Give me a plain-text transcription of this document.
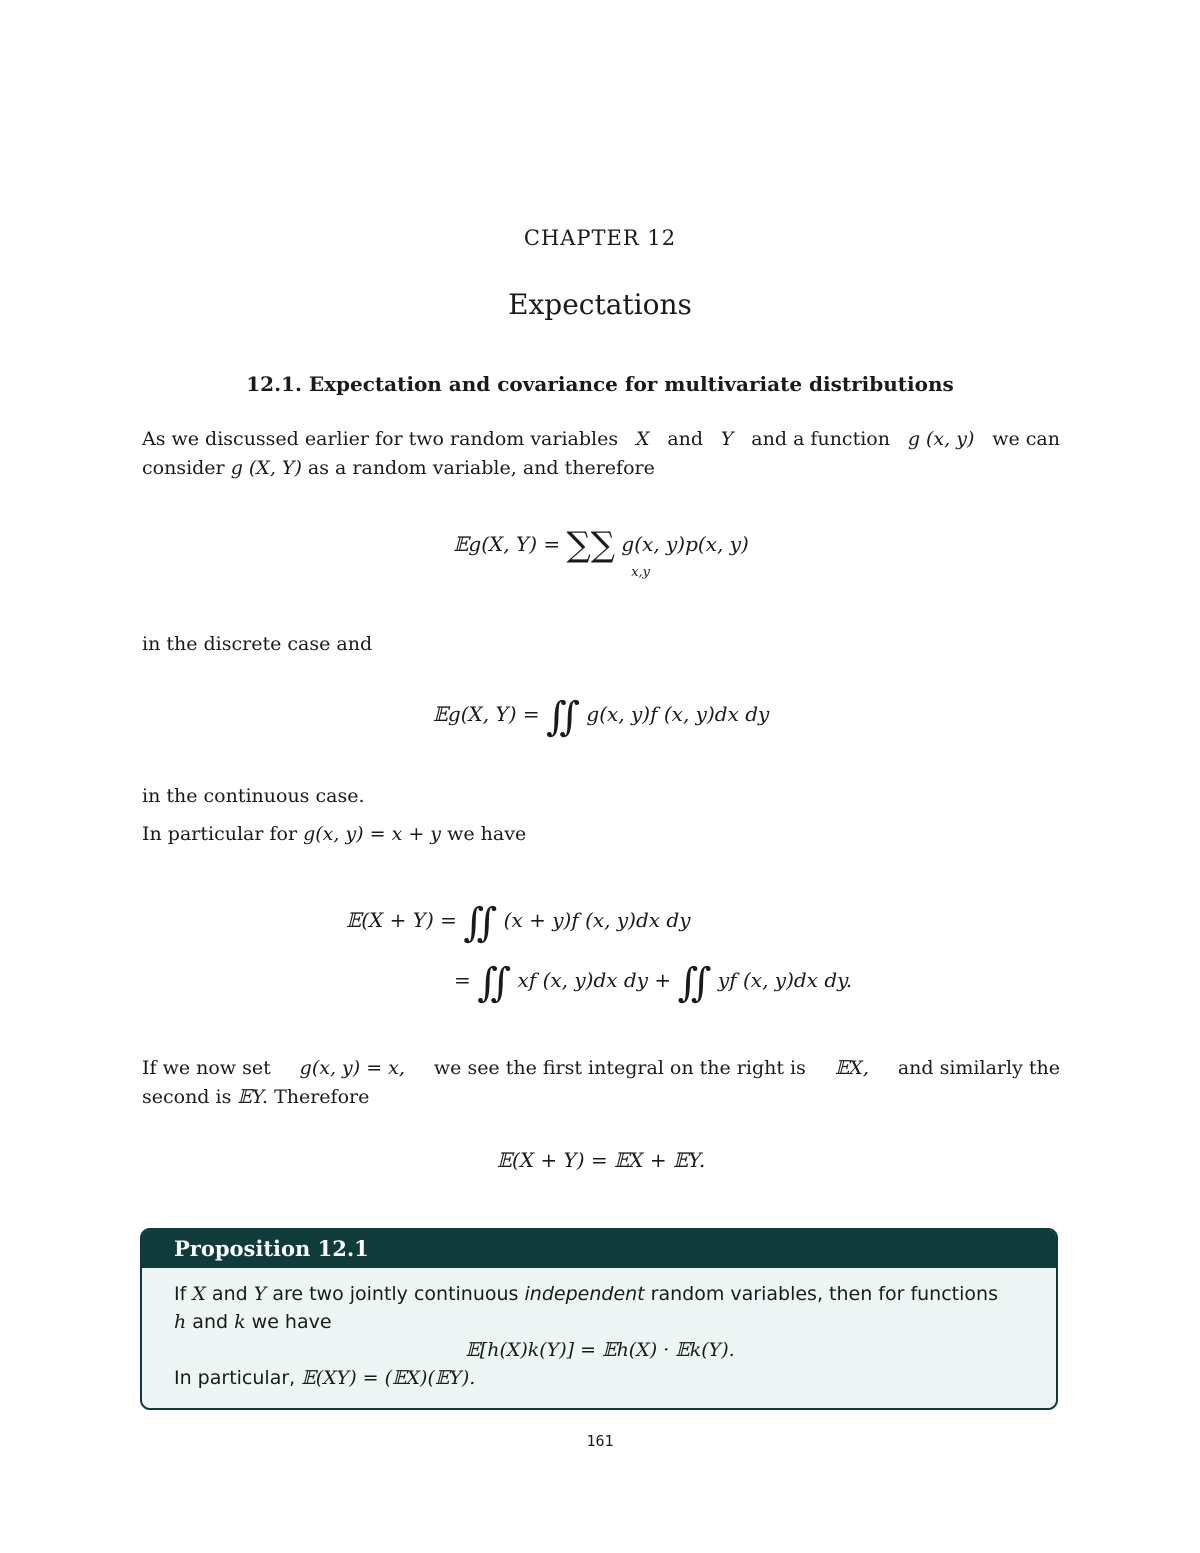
CHAPTER 12
Expectations
12.1. Expectation and covariance for multivariate distributions
As we discussed earlier for two random variables X and Y and a function g (x, y) we can
consider g (X, Y) as a random variable, and therefore
𝔼g(X, Y) = ∑∑ g(x, y)p(x, y)
x,y
in the discrete case and
𝔼g(X, Y) = ∬ g(x, y)f (x, y)dx dy
in the continuous case.
In particular for g(x, y) = x + y we have
𝔼(X + Y) = ∬ (x + y)f (x, y)dx dy
= ∬ xf (x, y)dx dy + ∬ yf (x, y)dx dy.
If we now set g(x, y) = x, we see the first integral on the right is 𝔼X, and similarly the
second is 𝔼Y. Therefore
𝔼(X + Y) = 𝔼X + 𝔼Y.
Proposition 12.1
If X and Y are two jointly continuous independent random variables, then for functions
h and k we have
𝔼[h(X)k(Y)] = 𝔼h(X) · 𝔼k(Y).
In particular, 𝔼(XY) = (𝔼X)(𝔼Y).
161
